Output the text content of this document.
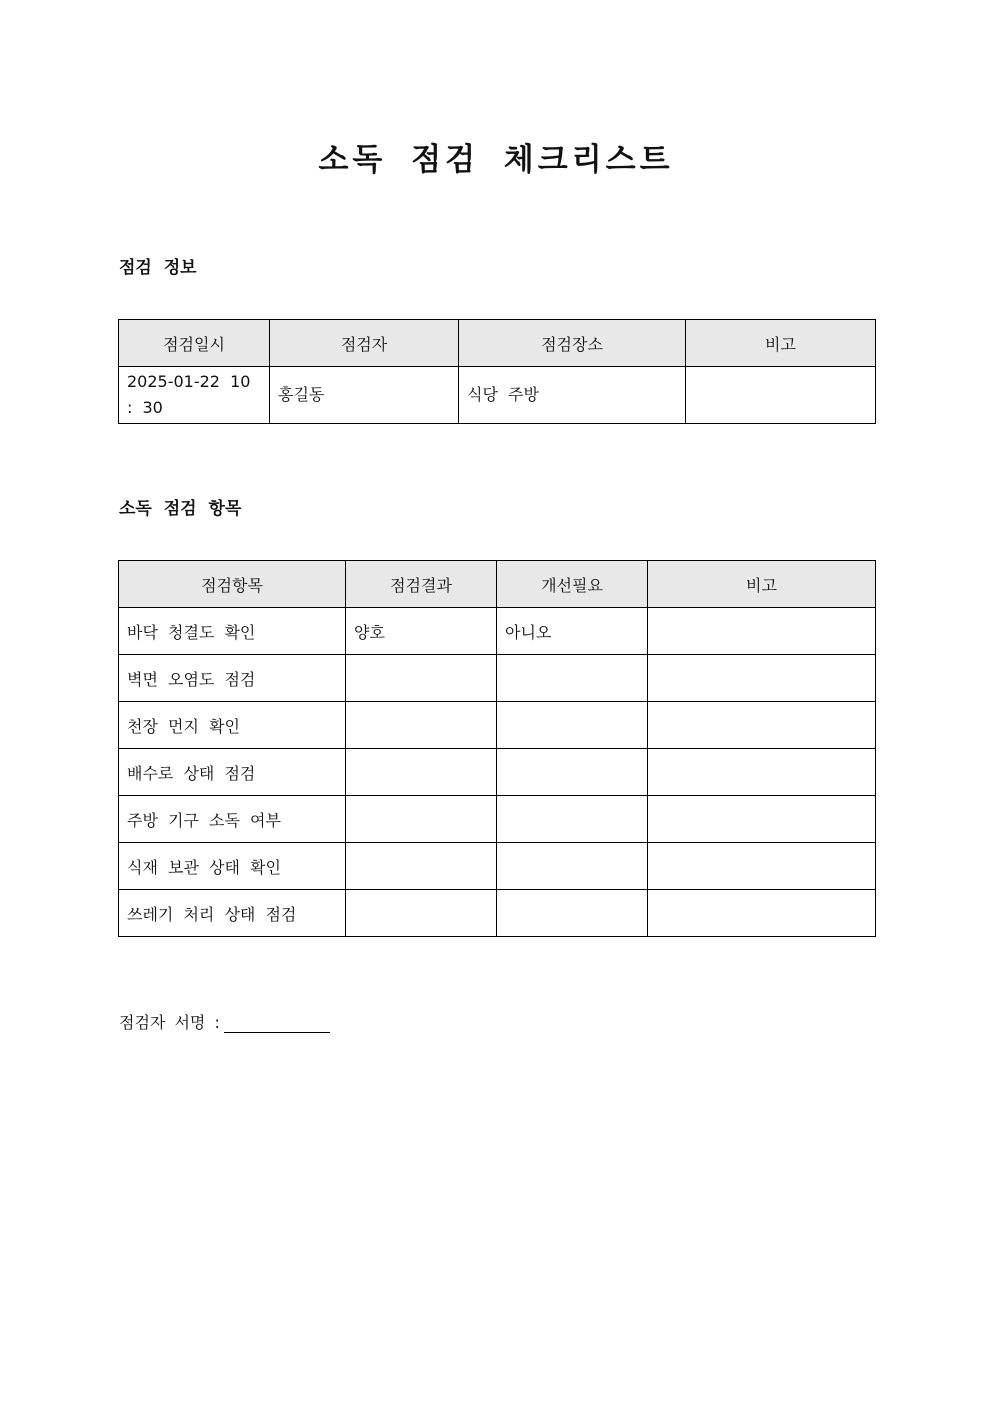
소독 점검 체크리스트
점검 정보
점검일시	점검자	점검장소	비고
2025-01-22 10 : 30	홍길동	식당 주방	
소독 점검 항목
점검항목	점검결과	개선필요	비고
바닥 청결도 확인	양호	아니오	
벽면 오염도 점검			
천장 먼지 확인			
배수로 상태 점검			
주방 기구 소독 여부			
식재 보관 상태 확인			
쓰레기 처리 상태 점검			
점검자 서명 :
